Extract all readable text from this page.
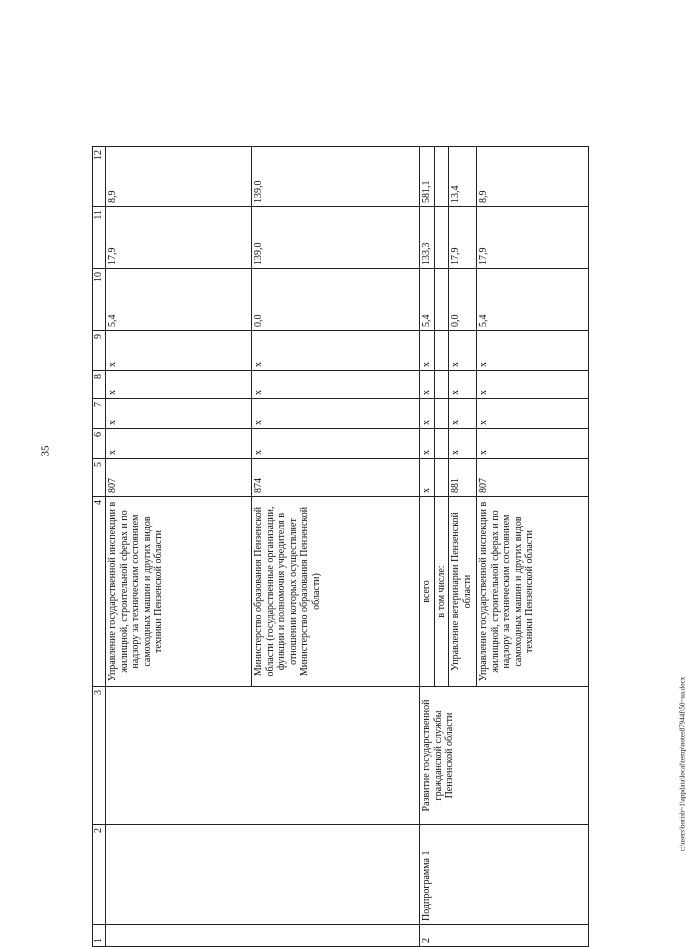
35
c:\users\borisb~1\appdata\local\temp\notes87944f\50~ua.docx
1	2	3	4	5	6	7	8	9	10	11	12
			Управление государственной инспекции в жилищной, строительной сферах и по надзору за техническим состоянием самоходных машин и других видов техники Пензенской области	807	x	x	x	x	5,4	17,9	8,9
			Министерство образования Пензенской области (государственные организации, функции и полномочия учредителя в отношении которых осуществляет Министерство образования Пензенской области)	874	x	x	x	x	0,0	139,0	139,0
2	Подпрограмма 1	Развитие государственной гражданской службы Пензенской области	всего	x	x	x	x	x	5,4	133,3	581,1
			в том числе:								
			Управление ветеринарии Пензенской области	881	x	x	x	x	0,0	17,9	13,4
			Управление государственной инспекции в жилищной, строительной сферах и по надзору за техническим состоянием самоходных машин и других видов техники Пензенской области	807	x	x	x	x	5,4	17,9	8,9
